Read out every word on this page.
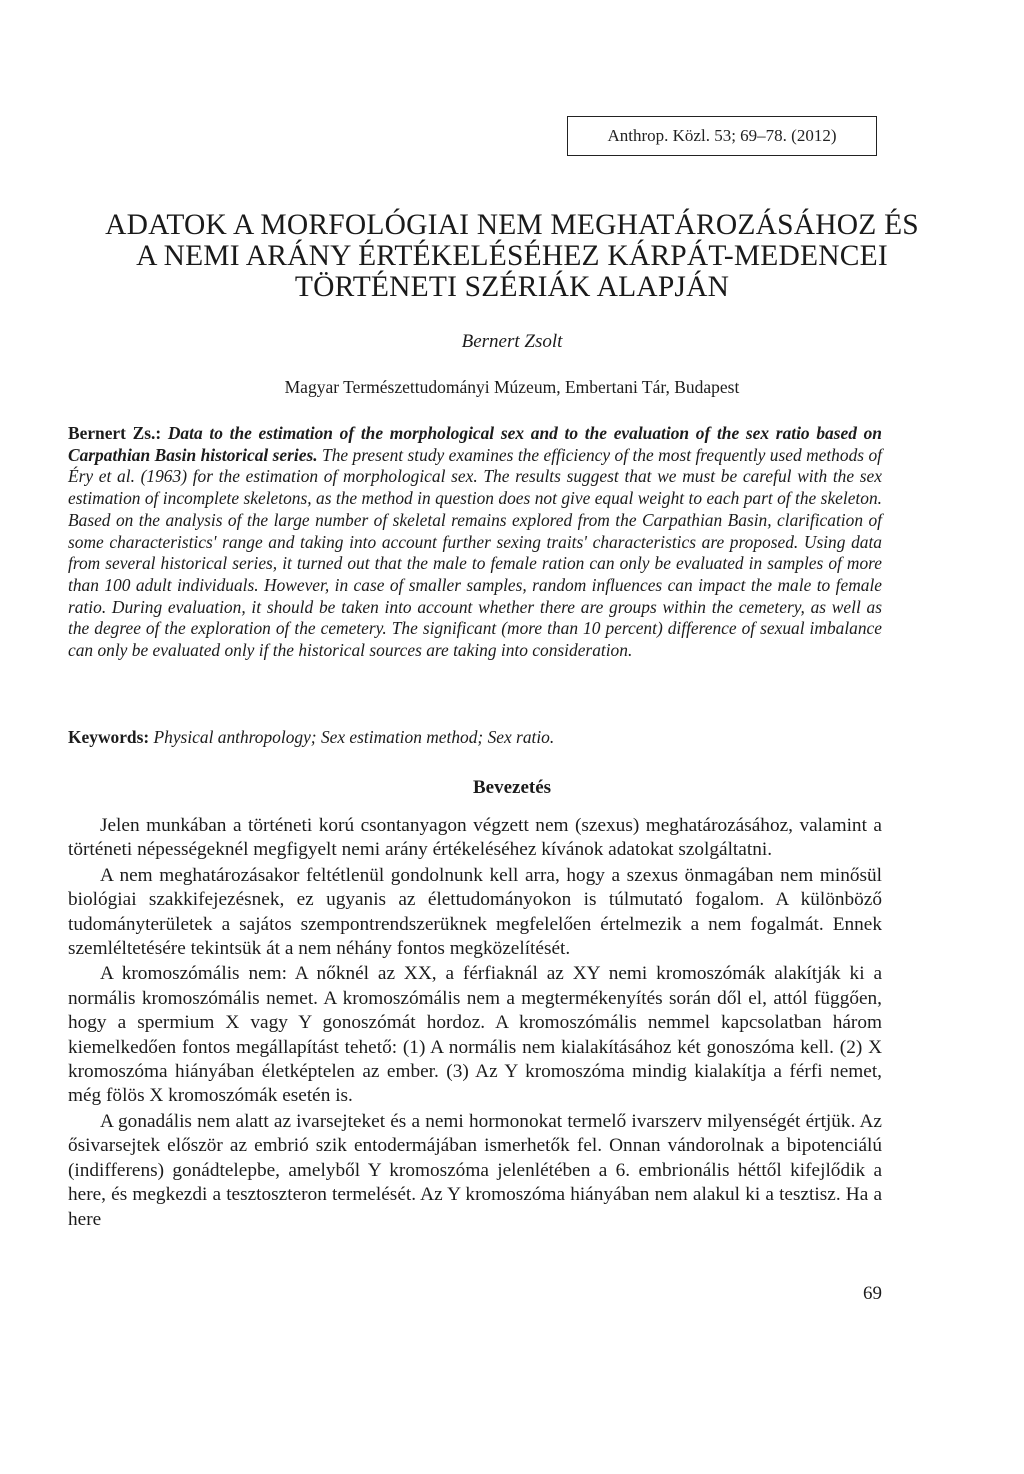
Anthrop. Közl. 53; 69–78. (2012)
ADATOK A MORFOLÓGIAI NEM MEGHATÁROZÁSÁHOZ ÉS
A NEMI ARÁNY ÉRTÉKELÉSÉHEZ KÁRPÁT-MEDENCEI
TÖRTÉNETI SZÉRIÁK ALAPJÁN
Bernert Zsolt
Magyar Természettudományi Múzeum, Embertani Tár, Budapest

Bernert Zs.: Data to the estimation of the morphological sex and to the evaluation of the sex ratio based on Carpathian Basin historical series. The present study examines the efficiency of the most frequently used methods of Éry et al. (1963) for the estimation of morphological sex. The results suggest that we must be careful with the sex estimation of incomplete skeletons, as the method in question does not give equal weight to each part of the skeleton. Based on the analysis of the large number of skeletal remains explored from the Carpathian Basin, clarification of some characteristics' range and taking into account further sexing traits' characteristics are proposed. Using data from several historical series, it turned out that the male to female ration can only be evaluated in samples of more than 100 adult individuals. However, in case of smaller samples, random influences can impact the male to female ratio. During evaluation, it should be taken into account whether there are groups within the cemetery, as well as the degree of the exploration of the cemetery. The significant (more than 10 percent) difference of sexual imbalance can only be evaluated only if the historical sources are taking into consideration.

Keywords: Physical anthropology; Sex estimation method; Sex ratio.

Bevezetés

Jelen munkában a történeti korú csontanyagon végzett nem (szexus) meghatározásához, valamint a történeti népességeknél megfigyelt nemi arány értékeléséhez kívánok adatokat szolgáltatni.

A nem meghatározásakor feltétlenül gondolnunk kell arra, hogy a szexus önmagában nem minősül biológiai szakkifejezésnek, ez ugyanis az élettudományokon is túlmutató fogalom. A különböző tudományterületek a sajátos szempontrendszerüknek megfelelően értelmezik a nem fogalmát. Ennek szemléltetésére tekintsük át a nem néhány fontos megközelítését.

A kromoszómális nem: A nőknél az XX, a férfiaknál az XY nemi kromoszómák alakítják ki a normális kromoszómális nemet. A kromoszómális nem a megtermékenyítés során dől el, attól függően, hogy a spermium X vagy Y gonoszómát hordoz. A kromoszómális nemmel kapcsolatban három kiemelkedően fontos megállapítást tehető: (1) A normális nem kialakításához két gonoszóma kell. (2) X kromoszóma hiányában életképtelen az ember. (3) Az Y kromoszóma mindig kialakítja a férfi nemet, még fölös X kromoszómák esetén is.

A gonadális nem alatt az ivarsejteket és a nemi hormonokat termelő ivarszerv milyenségét értjük. Az ősivarsejtek először az embrió szik entodermájában ismerhetők fel. Onnan vándorolnak a bipotenciálú (indifferens) gonádtelepbe, amelyből Y kromoszóma jelenlétében a 6. embrionális héttől kifejlődik a here, és megkezdi a tesztoszteron termelését. Az Y kromoszóma hiányában nem alakul ki a tesztisz. Ha a here

69
